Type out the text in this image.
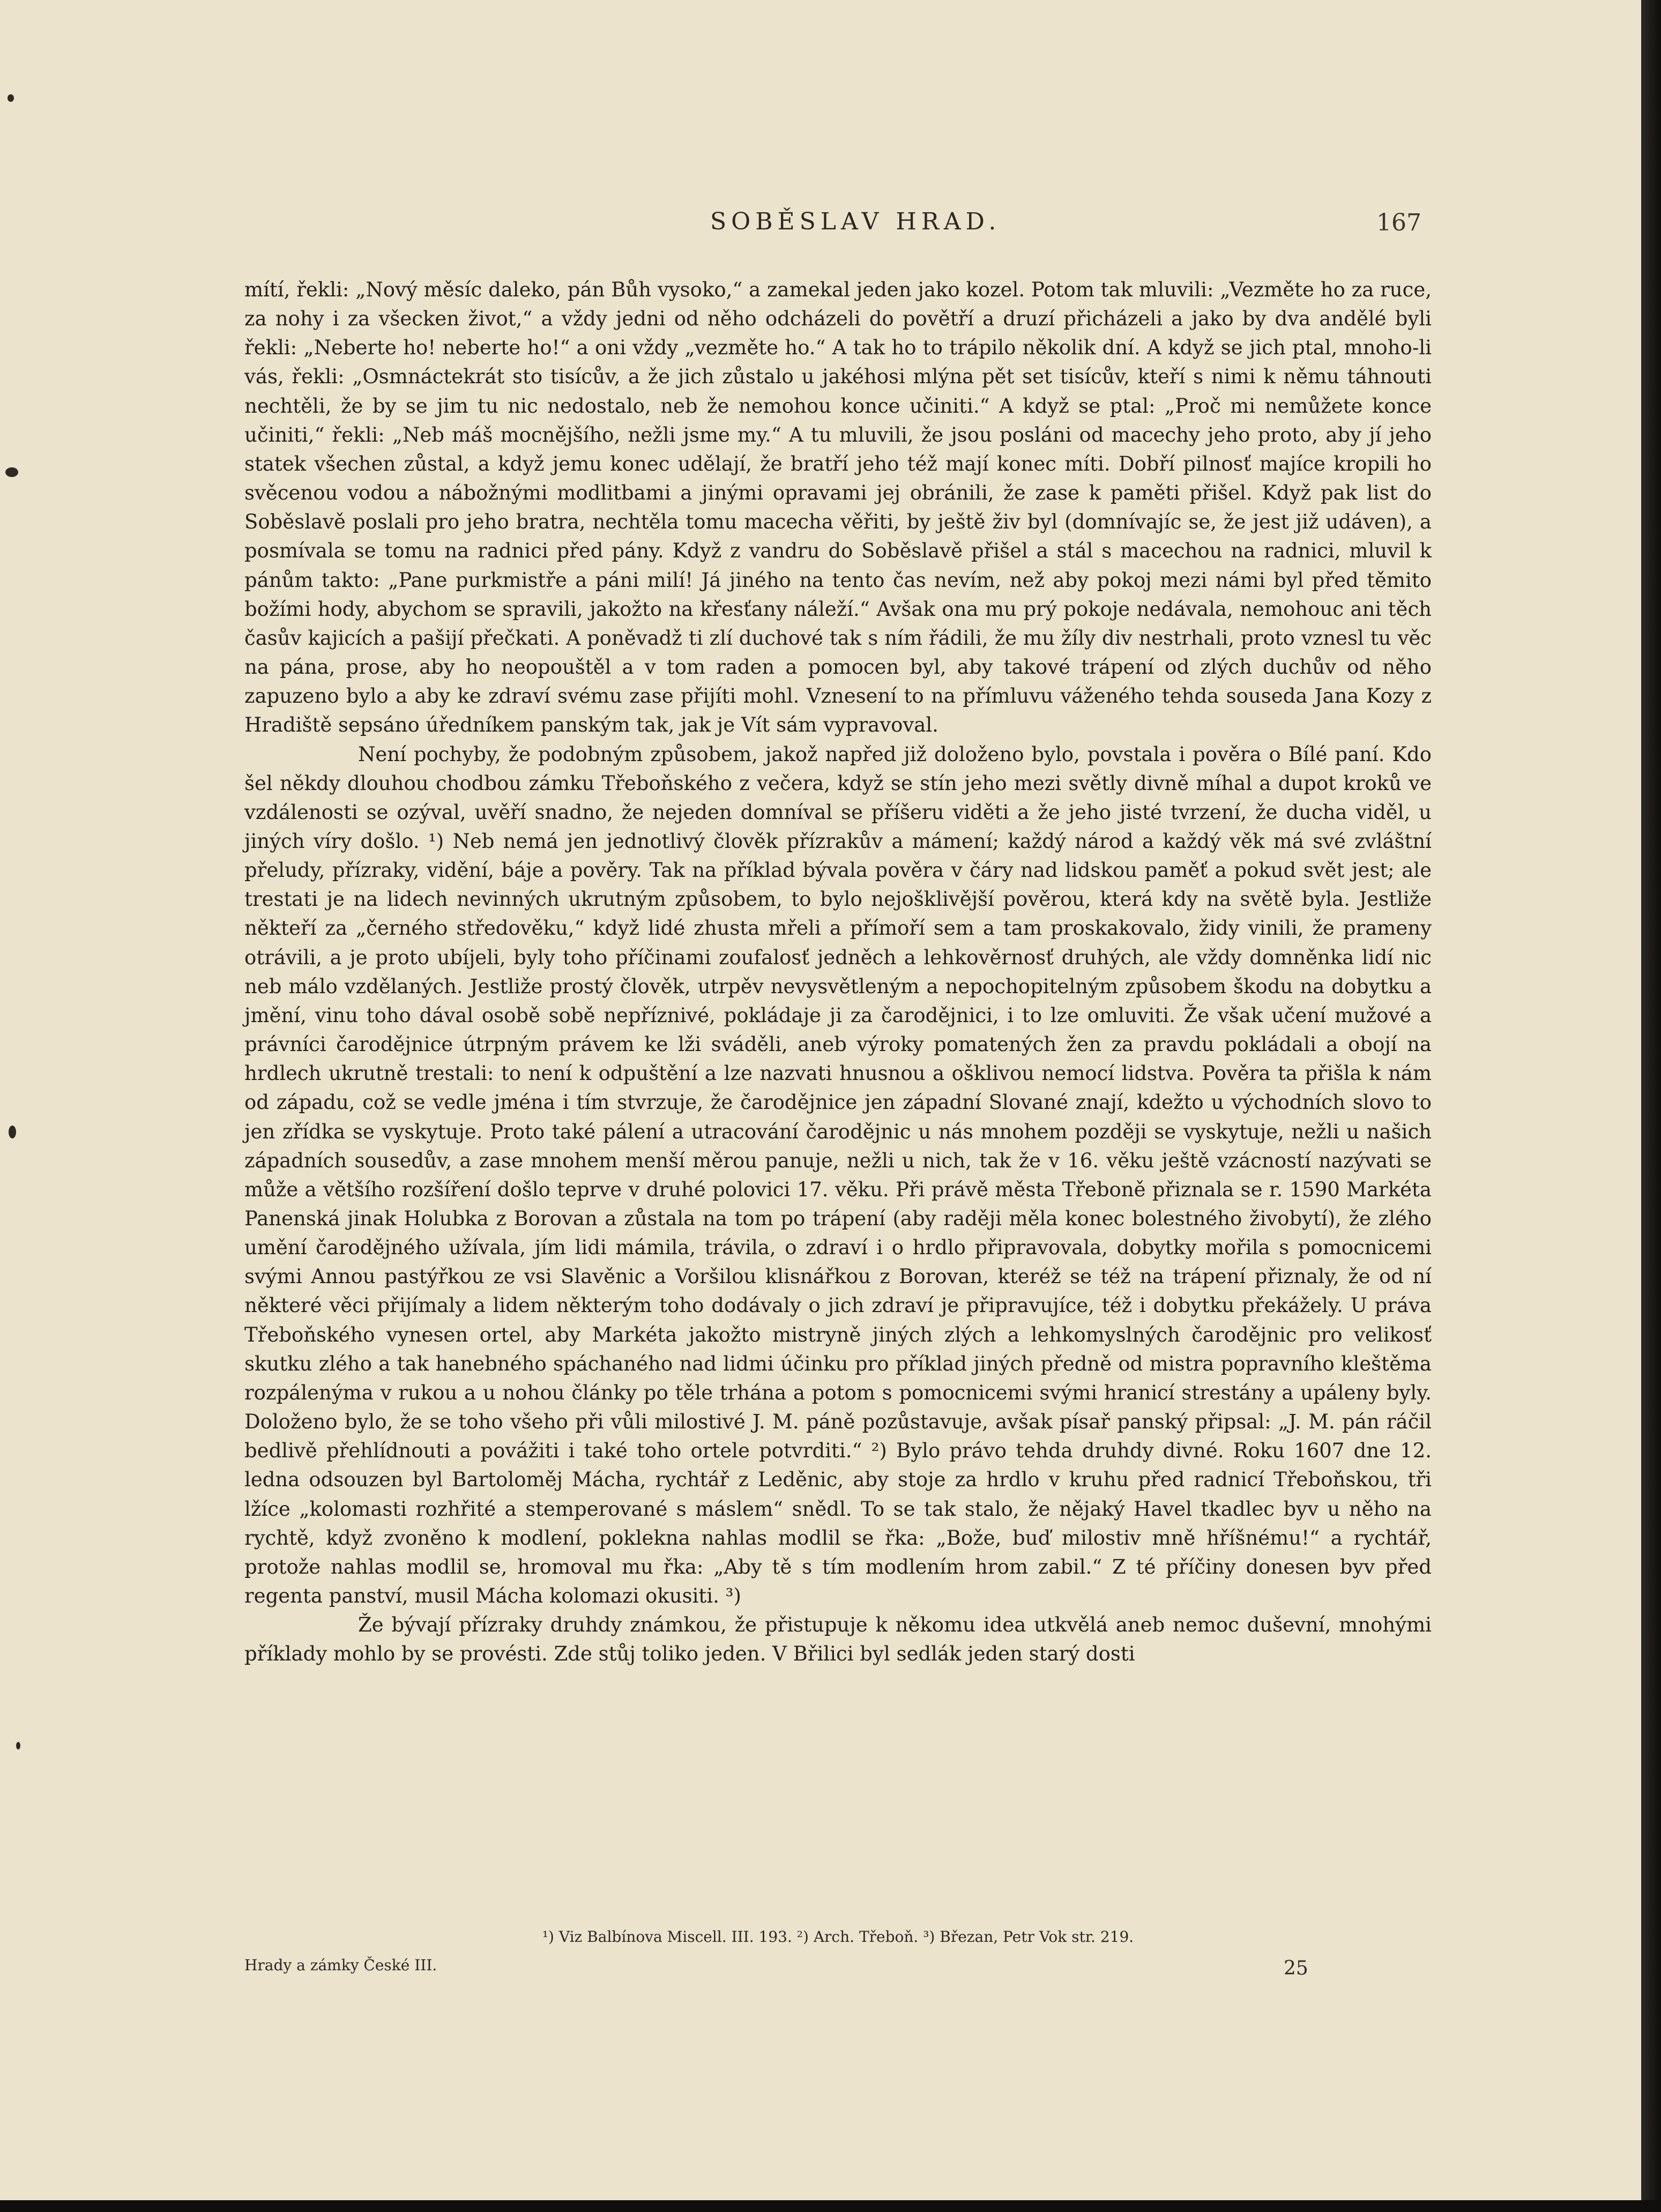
SOBĚSLAV HRAD.	167

mítí, řekli: „Nový měsíc daleko, pán Bůh vysoko,“ a zamekal jeden jako kozel. Potom tak mluvili: „Vezměte ho za ruce, za nohy i za všecken život,“ a vždy jedni od něho odcházeli do povětří a druzí přicházeli a jako by dva andělé byli řekli: „Neberte ho! neberte ho!“ a oni vždy „vezměte ho.“ A tak ho to trápilo několik dní. A když se jich ptal, mnoho-li vás, řekli: „Osmnáctekrát sto tisícův, a že jich zůstalo u jakéhosi mlýna pět set tisícův, kteří s nimi k němu táhnouti nechtěli, že by se jim tu nic nedostalo, neb že nemohou konce učiniti.“ A když se ptal: „Proč mi nemůžete konce učiniti,“ řekli: „Neb máš mocnějšího, nežli jsme my.“ A tu mluvili, že jsou posláni od macechy jeho proto, aby jí jeho statek všechen zůstal, a když jemu konec udělají, že bratří jeho též mají konec míti. Dobří pilnosť majíce kropili ho svěcenou vodou a nábožnými modlitbami a jinými opravami jej obránili, že zase k paměti přišel. Když pak list do Soběslavě poslali pro jeho bratra, nechtěla tomu macecha věřiti, by ještě živ byl (domnívajíc se, že jest již udáven), a posmívala se tomu na radnici před pány. Když z vandru do Soběslavě přišel a stál s macechou na radnici, mluvil k pánům takto: „Pane purkmistře a páni milí! Já jiného na tento čas nevím, než aby pokoj mezi námi byl před těmito božími hody, abychom se spravili, jakožto na křesťany náleží.“ Avšak ona mu prý pokoje nedávala, nemohouc ani těch časův kajicích a pašijí přečkati. A poněvadž ti zlí duchové tak s ním řádili, že mu žíly div nestrhali, proto vznesl tu věc na pána, prose, aby ho neopouštěl a v tom raden a pomocen byl, aby takové trápení od zlých duchův od něho zapuzeno bylo a aby ke zdraví svému zase přijíti mohl. Vznesení to na přímluvu váženého tehda souseda Jana Kozy z Hradiště sepsáno úředníkem panským tak, jak je Vít sám vypravoval.

Není pochyby, že podobným způsobem, jakož napřed již doloženo bylo, povstala i pověra o Bílé paní. Kdo šel někdy dlouhou chodbou zámku Třeboňského z večera, když se stín jeho mezi světly divně míhal a dupot kroků ve vzdálenosti se ozýval, uvěří snadno, že nejeden domníval se příšeru viděti a že jeho jisté tvrzení, že ducha viděl, u jiných víry došlo. ¹) Neb nemá jen jednotlivý člověk přízrakův a mámení; každý národ a každý věk má své zvláštní přeludy, přízraky, vidění, báje a pověry. Tak na příklad bývala pověra v čáry nad lidskou paměť a pokud svět jest; ale trestati je na lidech nevinných ukrutným způsobem, to bylo nejošklivější pověrou, která kdy na světě byla. Jestliže někteří za „černého středověku,“ když lidé zhusta mřeli a přímoří sem a tam proskakovalo, židy vinili, že prameny otrávili, a je proto ubíjeli, byly toho příčinami zoufalosť jedněch a lehkověrnosť druhých, ale vždy domněnka lidí nic neb málo vzdělaných. Jestliže prostý člověk, utrpěv nevysvětleným a nepochopitelným způsobem škodu na dobytku a jmění, vinu toho dával osobě sobě nepříznivé, pokládaje ji za čarodějnici, i to lze omluviti. Že však učení mužové a právníci čarodějnice útrpným právem ke lži sváděli, aneb výroky pomatených žen za pravdu pokládali a obojí na hrdlech ukrutně trestali: to není k odpuštění a lze nazvati hnusnou a ošklivou nemocí lidstva. Pověra ta přišla k nám od západu, což se vedle jména i tím stvrzuje, že čarodějnice jen západní Slované znají, kdežto u východních slovo to jen zřídka se vyskytuje. Proto také pálení a utracování čarodějnic u nás mnohem později se vyskytuje, nežli u našich západních sousedův, a zase mnohem menší měrou panuje, nežli u nich, tak že v 16. věku ještě vzácností nazývati se může a většího rozšíření došlo teprve v druhé polovici 17. věku. Při právě města Třeboně přiznala se r. 1590 Markéta Panenská jinak Holubka z Borovan a zůstala na tom po trápení (aby raději měla konec bolestného živobytí), že zlého umění čarodějného užívala, jím lidi mámila, trávila, o zdraví i o hrdlo připravovala, dobytky mořila s pomocnicemi svými Annou pastýřkou ze vsi Slavěnic a Voršilou klisnářkou z Borovan, kteréž se též na trápení přiznaly, že od ní některé věci přijímaly a lidem některým toho dodávaly o jich zdraví je připravujíce, též i dobytku překážely. U práva Třeboňského vynesen ortel, aby Markéta jakožto mistryně jiných zlých a lehkomyslných čarodějnic pro velikosť skutku zlého a tak hanebného spáchaného nad lidmi účinku pro příklad jiných předně od mistra popravního kleštěma rozpálenýma v rukou a u nohou články po těle trhána a potom s pomocnicemi svými hranicí strestány a upáleny byly. Doloženo bylo, že se toho všeho při vůli milostivé J. M. páně pozůstavuje, avšak písař panský připsal: „J. M. pán ráčil bedlivě přehlídnouti a povážiti i také toho ortele potvrditi.“ ²) Bylo právo tehda druhdy divné. Roku 1607 dne 12. ledna odsouzen byl Bartoloměj Mácha, rychtář z Leděnic, aby stoje za hrdlo v kruhu před radnicí Třeboňskou, tři lžíce „kolomasti rozhřité a stemperované s máslem“ snědl. To se tak stalo, že nějaký Havel tkadlec byv u něho na rychtě, když zvoněno k modlení, poklekna nahlas modlil se řka: „Bože, buď milostiv mně hříšnému!“ a rychtář, protože nahlas modlil se, hromoval mu řka: „Aby tě s tím modlením hrom zabil.“ Z té příčiny donesen byv před regenta panství, musil Mácha kolomazi okusiti. ³)

Že bývají přízraky druhdy známkou, že přistupuje k někomu idea utkvělá aneb nemoc duševní, mnohými příklady mohlo by se provésti. Zde stůj toliko jeden. V Břilici byl sedlák jeden starý dosti

¹) Viz Balbínova Miscell. III. 193. ²) Arch. Třeboň. ³) Březan, Petr Vok str. 219.
Hrady a zámky České III.	25
